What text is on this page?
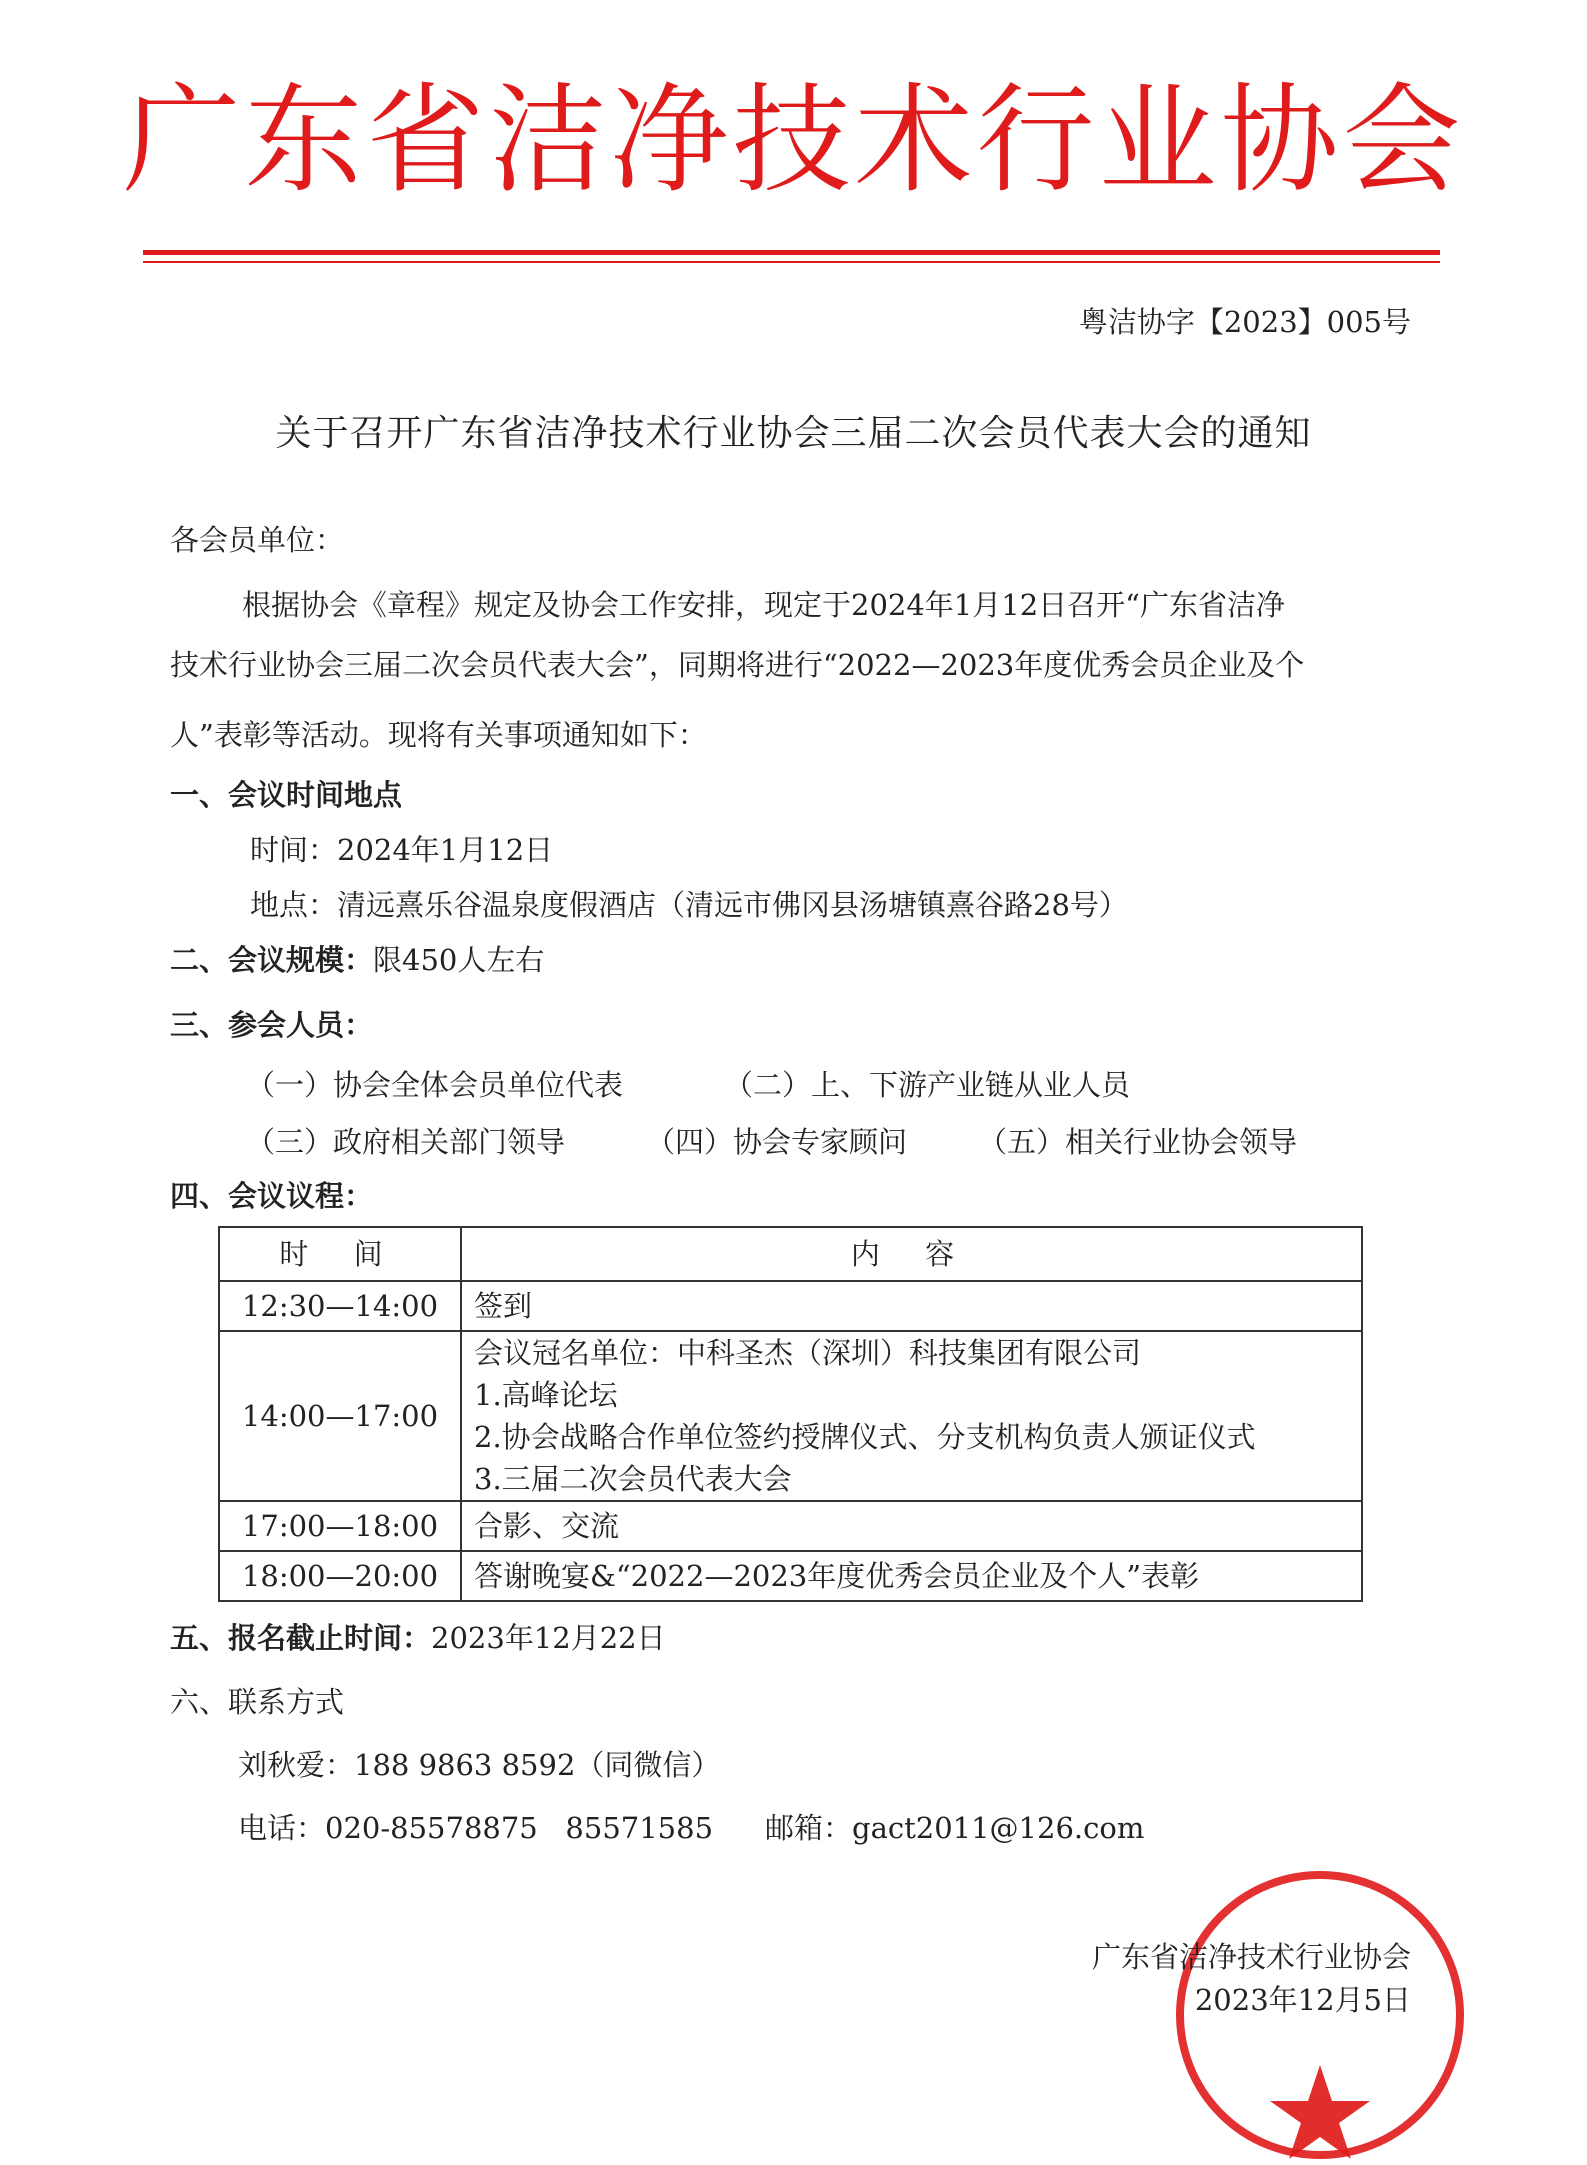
广东省洁净技术行业协会
粤洁协字【2023】005号
关于召开广东省洁净技术行业协会三届二次会员代表大会的通知
各会员单位：
根据协会《章程》规定及协会工作安排，现定于2024年1月12日召开“广东省洁净
技术行业协会三届二次会员代表大会”，同期将进行“2022—2023年度优秀会员企业及个
人”表彰等活动。现将有关事项通知如下：
一、会议时间地点
时间：2024年1月12日
地点：清远熹乐谷温泉度假酒店（清远市佛冈县汤塘镇熹谷路28号）
二、会议规模：限450人左右
三、参会人员：
（一）协会全体会员单位代表	（二）上、下游产业链从业人员
（三）政府相关部门领导	（四）协会专家顾问 （五）相关行业协会领导
四、会议议程：
时 间	内 容
12:30—14:00	签到
14:00—17:00	会议冠名单位：中科圣杰（深圳）科技集团有限公司
1.高峰论坛
2.协会战略合作单位签约授牌仪式、分支机构负责人颁证仪式
3.三届二次会员代表大会

17:00—18:00	合影、交流
18:00—20:00	答谢晚宴&“2022—2023年度优秀会员企业及个人”表彰
五、报名截止时间：2023年12月22日
六、联系方式
刘秋爱：188 9863 8592（同微信）
电话：020-85578875   85571585 邮箱：gact2011@126.com
广东省洁净技术行业协会
2023年12月5日
